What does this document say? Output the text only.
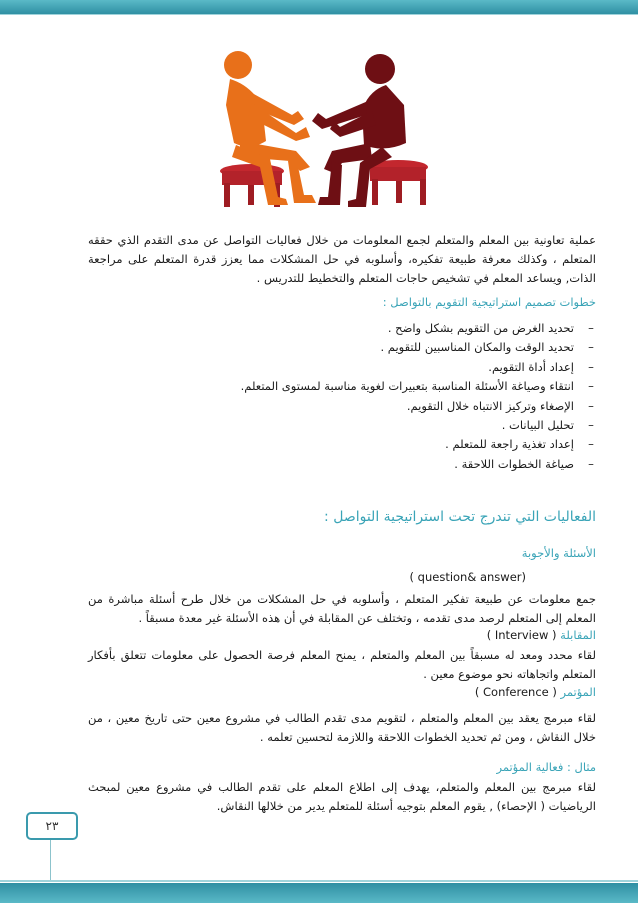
عملية تعاونية بين المعلم والمتعلم لجمع المعلومات من خلال فعاليات التواصل عن مدى التقدم الذي حققه المتعلم ، وكذلك معرفة طبيعة تفكيره، وأسلوبه في حل المشكلات مما يعزز قدرة المتعلم على مراجعة الذات, ويساعد المعلم في تشخيص حاجات المتعلم والتخطيط للتدريس .
خطوات تصميم استراتيجية التقويم بالتواصل :
–
تحديد الغرض من التقويم بشكل واضح .
–
تحديد الوقت والمكان المناسبين للتقويم .
–
إعداد أداة التقويم.
–
انتقاء وصياغة الأسئلة المناسبة بتعبيرات لغوية مناسبة لمستوى المتعلم.
–
الإصغاء وتركيز الانتباه خلال التقويم.
–
تحليل البيانات .
–
إعداد تغذية راجعة للمتعلم .
–
صياغة الخطوات اللاحقة .
الفعاليات التي تندرج تحت استراتيجية التواصل :
الأسئلة والأجوبة
( question& answer)
جمع معلومات عن طبيعة تفكير المتعلم ، وأسلوبه في حل المشكلات من خلال طرح أسئلة مباشرة من المعلم إلى المتعلم لرصد مدى تقدمه ، وتختلف عن المقابلة في أن هذه الأسئلة غير معدة مسبقاً .
المقابلة ( Interview )
لقاء محدد ومعد له مسبقاً بين المعلم والمتعلم ، يمنح المعلم فرصة الحصول على معلومات تتعلق بأفكار المتعلم واتجاهاته نحو موضوع معين .
المؤتمر ( Conference )
لقاء مبرمج يعقد بين المعلم والمتعلم ، لتقويم مدى تقدم الطالب في مشروع معين حتى تاريخ معين ، من خلال النقاش ، ومن ثم تحديد الخطوات اللاحقة واللازمة لتحسين تعلمه .
مثال : فعالية المؤتمر
لقاء مبرمج بين المعلم والمتعلم، يهدف إلى اطلاع المعلم على تقدم الطالب في مشروع معين لمبحث الرياضيات ( الإحصاء) , يقوم المعلم بتوجيه أسئلة للمتعلم يدير من خلالها النقاش.
٢٣
